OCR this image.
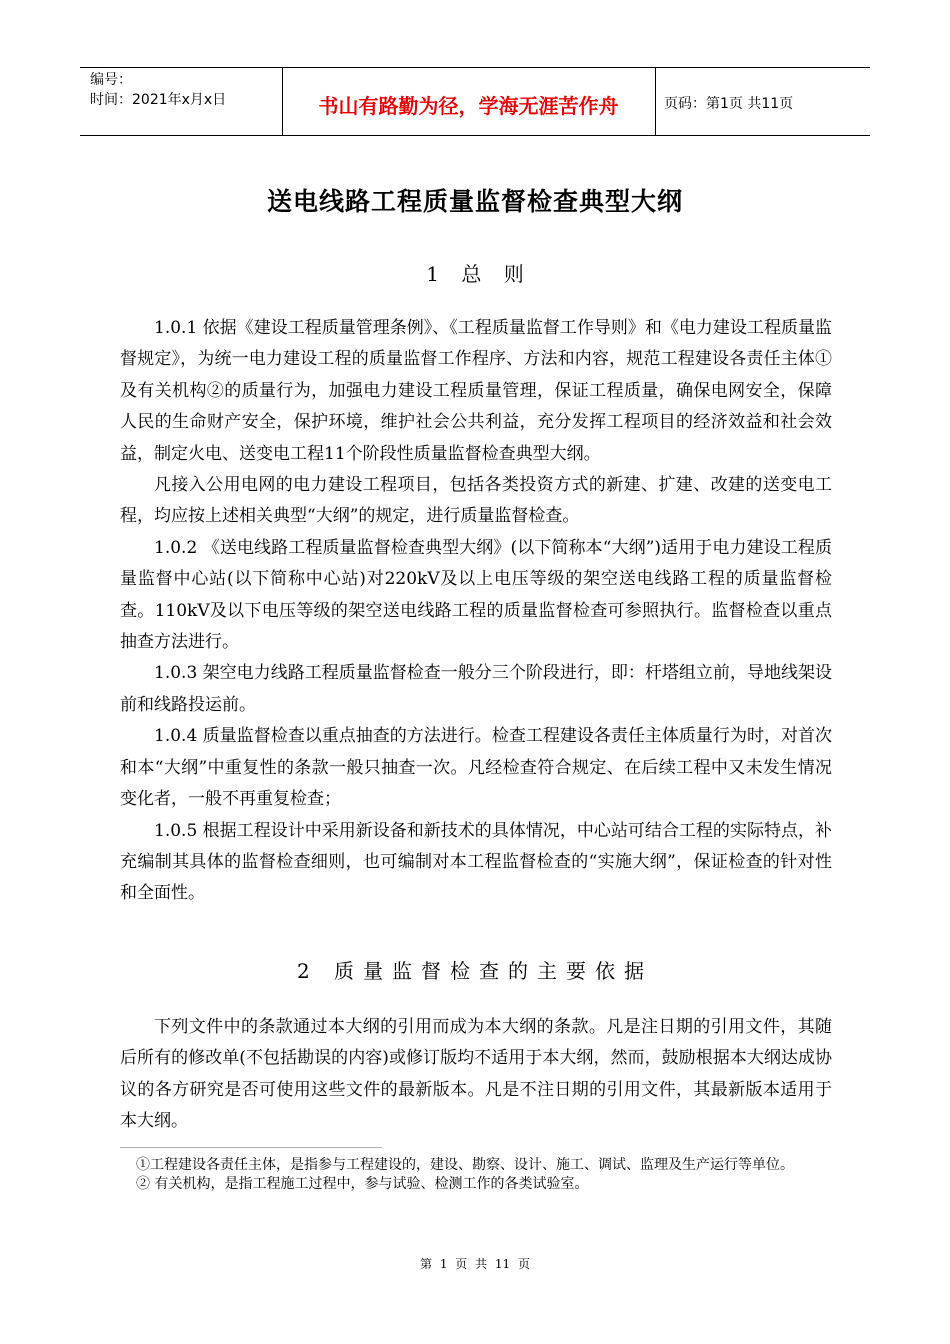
编号：
时间：2021年x月x日	书山有路勤为径，学海无涯苦作舟	页码：第1页 共11页
送电线路工程质量监督检查典型大纲
1 总 则

1.0.1 依据《建设工程质量管理条例》、《工程质量监督工作导则》和《电力建设工程质量监督规定》，为统一电力建设工程的质量监督工作程序、方法和内容，规范工程建设各责任主体①及有关机构②的质量行为，加强电力建设工程质量管理，保证工程质量，确保电网安全，保障人民的生命财产安全，保护环境，维护社会公共利益，充分发挥工程项目的经济效益和社会效益，制定火电、送变电工程11个阶段性质量监督检查典型大纲。

凡接入公用电网的电力建设工程项目，包括各类投资方式的新建、扩建、改建的送变电工程，均应按上述相关典型“大纲”的规定，进行质量监督检查。

1.0.2 《送电线路工程质量监督检查典型大纲》(以下简称本“大纲”)适用于电力建设工程质量监督中心站(以下简称中心站)对220kV及以上电压等级的架空送电线路工程的质量监督检查。110kV及以下电压等级的架空送电线路工程的质量监督检查可参照执行。监督检查以重点抽查方法进行。

1.0.3 架空电力线路工程质量监督检查一般分三个阶段进行，即：杆塔组立前，导地线架设前和线路投运前。

1.0.4 质量监督检查以重点抽查的方法进行。检查工程建设各责任主体质量行为时，对首次和本“大纲”中重复性的条款一般只抽查一次。凡经检查符合规定、在后续工程中又未发生情况变化者，一般不再重复检查；

1.0.5 根据工程设计中采用新设备和新技术的具体情况，中心站可结合工程的实际特点，补充编制其具体的监督检查细则，也可编制对本工程监督检查的“实施大纲”，保证检查的针对性和全面性。

2 质量监督检查的主要依据

下列文件中的条款通过本大纲的引用而成为本大纲的条款。凡是注日期的引用文件，其随后所有的修改单(不包括勘误的内容)或修订版均不适用于本大纲，然而，鼓励根据本大纲达成协议的各方研究是否可使用这些文件的最新版本。凡是不注日期的引用文件，其最新版本适用于本大纲。

①工程建设各责任主体，是指参与工程建设的，建设、勘察、设计、施工、调试、监理及生产运行等单位。

② 有关机构，是指工程施工过程中，参与试验、检测工作的各类试验室。

第 1 页 共 11 页
